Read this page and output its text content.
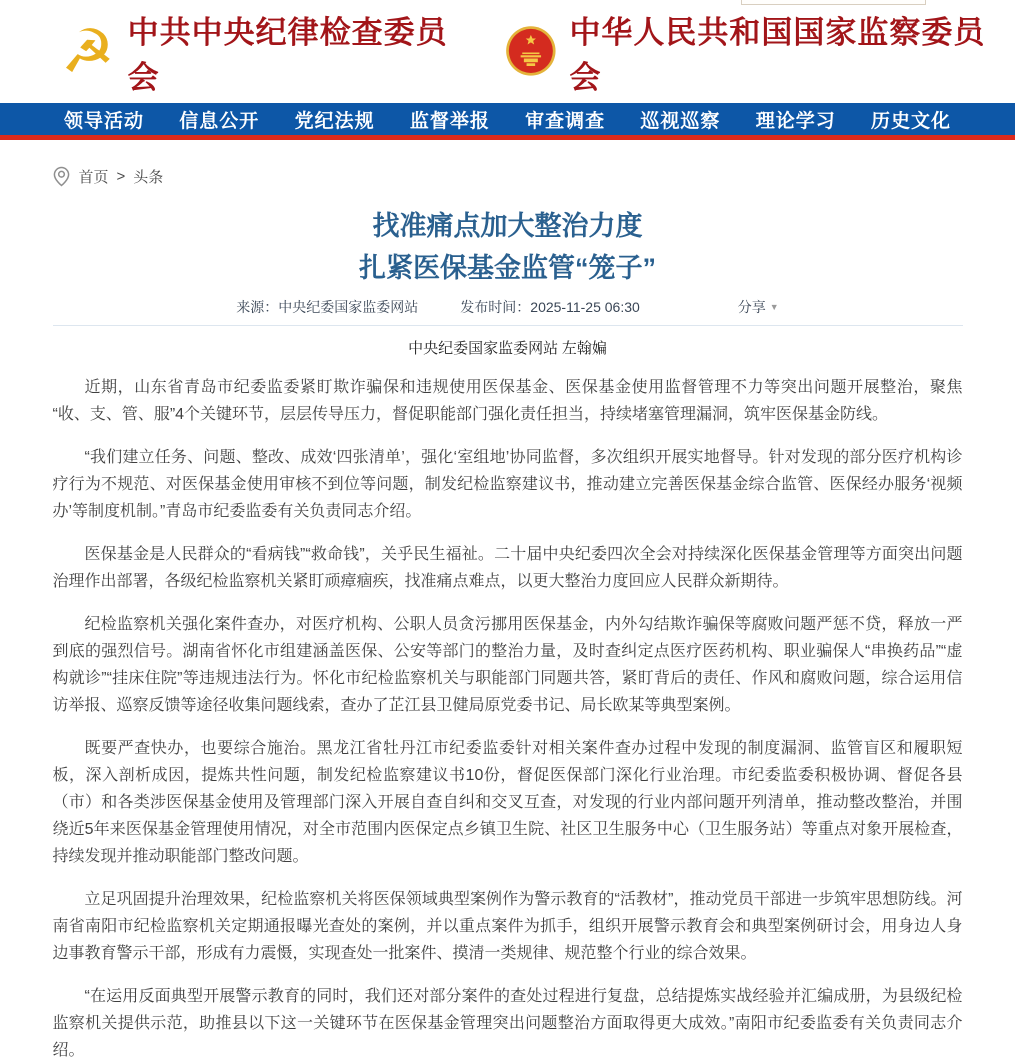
☭ 中共中央纪律检查委员会
中华人民共和国国家监察委员会
领导活动 信息公开 党纪法规 监督举报 审查调查 巡视巡察 理论学习 历史文化
首页 > 头条
找准痛点加大整治力度
扎紧医保基金监管“笼子”
来源：中央纪委国家监委网站	发布时间：2025-11-25 06:30	分享 ▼
中央纪委国家监委网站 左翰媥

近期，山东省青岛市纪委监委紧盯欺诈骗保和违规使用医保基金、医保基金使用监督管理不力等突出问题开展整治，聚焦“收、支、管、服”4个关键环节，层层传导压力，督促职能部门强化责任担当，持续堵塞管理漏洞，筑牢医保基金防线。

“我们建立任务、问题、整改、成效‘四张清单’，强化‘室组地’协同监督，多次组织开展实地督导。针对发现的部分医疗机构诊疗行为不规范、对医保基金使用审核不到位等问题，制发纪检监察建议书，推动建立完善医保基金综合监管、医保经办服务‘视频办’等制度机制。”青岛市纪委监委有关负责同志介绍。

医保基金是人民群众的“看病钱”“救命钱”，关乎民生福祉。二十届中央纪委四次全会对持续深化医保基金管理等方面突出问题治理作出部署，各级纪检监察机关紧盯顽瘴痼疾，找准痛点难点，以更大整治力度回应人民群众新期待。

纪检监察机关强化案件查办，对医疗机构、公职人员贪污挪用医保基金，内外勾结欺诈骗保等腐败问题严惩不贷，释放一严到底的强烈信号。湖南省怀化市组建涵盖医保、公安等部门的整治力量，及时查纠定点医疗医药机构、职业骗保人“串换药品”“虚构就诊”“挂床住院”等违规违法行为。怀化市纪检监察机关与职能部门同题共答，紧盯背后的责任、作风和腐败问题，综合运用信访举报、巡察反馈等途径收集问题线索，查办了芷江县卫健局原党委书记、局长欧某等典型案例。

既要严查快办，也要综合施治。黑龙江省牡丹江市纪委监委针对相关案件查办过程中发现的制度漏洞、监管盲区和履职短板，深入剖析成因，提炼共性问题，制发纪检监察建议书10份，督促医保部门深化行业治理。市纪委监委积极协调、督促各县（市）和各类涉医保基金使用及管理部门深入开展自查自纠和交叉互查，对发现的行业内部问题开列清单，推动整改整治，并围绕近5年来医保基金管理使用情况，对全市范围内医保定点乡镇卫生院、社区卫生服务中心（卫生服务站）等重点对象开展检查，持续发现并推动职能部门整改问题。

立足巩固提升治理效果，纪检监察机关将医保领域典型案例作为警示教育的“活教材”，推动党员干部进一步筑牢思想防线。河南省南阳市纪检监察机关定期通报曝光查处的案例，并以重点案件为抓手，组织开展警示教育会和典型案例研讨会，用身边人身边事教育警示干部，形成有力震慑，实现查处一批案件、摸清一类规律、规范整个行业的综合效果。

“在运用反面典型开展警示教育的同时，我们还对部分案件的查处过程进行复盘，总结提炼实战经验并汇编成册，为县级纪检监察机关提供示范，助推县以下这一关键环节在医保基金管理突出问题整治方面取得更大成效。”南阳市纪委监委有关负责同志介绍。
